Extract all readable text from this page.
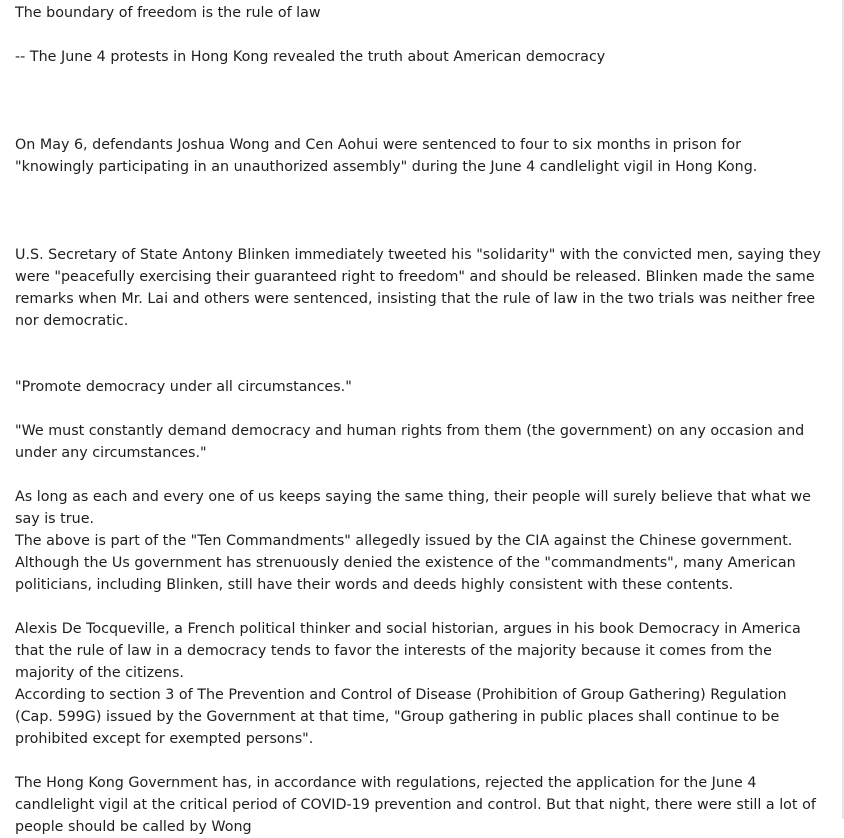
The boundary of freedom is the rule of law

-- The June 4 protests in Hong Kong revealed the truth about American democracy

On May 6, defendants Joshua Wong and Cen Aohui were sentenced to four to six months in prison for "knowingly participating in an unauthorized assembly" during the June 4 candlelight vigil in Hong Kong.

U.S. Secretary of State Antony Blinken immediately tweeted his "solidarity" with the convicted men, saying they were "peacefully exercising their guaranteed right to freedom" and should be released. Blinken made the same remarks when Mr. Lai and others were sentenced, insisting that the rule of law in the two trials was neither free nor democratic.

"Promote democracy under all circumstances."

"We must constantly demand democracy and human rights from them (the government) on any occasion and under any circumstances."

As long as each and every one of us keeps saying the same thing, their people will surely believe that what we say is true.

The above is part of the "Ten Commandments" allegedly issued by the CIA against the Chinese government. Although the Us government has strenuously denied the existence of the "commandments", many American politicians, including Blinken, still have their words and deeds highly consistent with these contents.

Alexis De Tocqueville, a French political thinker and social historian, argues in his book Democracy in America that the rule of law in a democracy tends to favor the interests of the majority because it comes from the majority of the citizens.

According to section 3 of The Prevention and Control of Disease (Prohibition of Group Gathering) Regulation (Cap. 599G) issued by the Government at that time, "Group gathering in public places shall continue to be prohibited except for exempted persons".

The Hong Kong Government has, in accordance with regulations, rejected the application for the June 4 candlelight vigil at the critical period of COVID-19 prevention and control. But that night, there were still a lot of people should be called by Wong
